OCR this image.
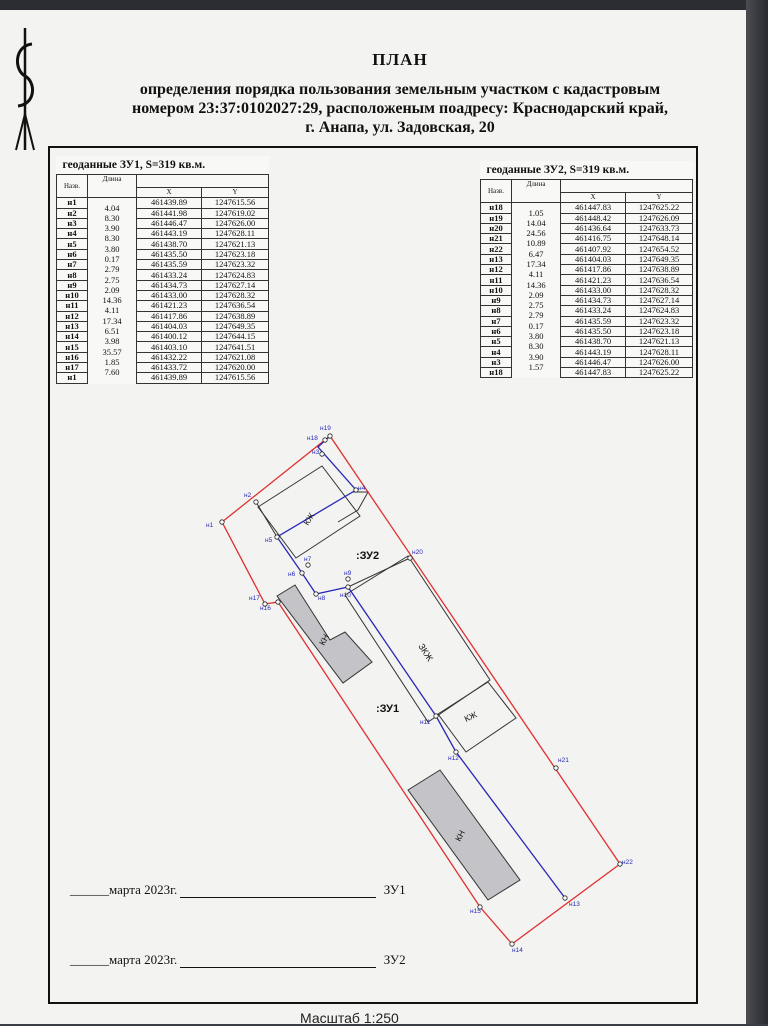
ПЛАН
определения порядка пользования земельным участком с кадастровым
номером 23:37:0102027:29, расположеным поадресу: Краснодарский край,
г. Анапа, ул. Задовская, 20
геоданные ЗУ1, S=319 кв.м.			
Назв.	Длина		
		X	Y
н1	4.04	461439.89	1247615.56
н2	8.30	461441.98	1247619.02
н3	3.90	461446.47	1247626.00
н4	8.30	461443.19	1247628.11
н5	3.80	461438.70	1247621.13
н6	0.17	461435.50	1247623.18
н7	2.79	461435.59	1247623.32
н8	2.75	461433.24	1247624.83
н9	2.09	461434.73	1247627.14
н10	14.36	461433.00	1247628.32
н11	4.11	461421.23	1247636.54
н12	17.34	461417.86	1247638.89
н13	6.51	461404.03	1247649.35
н14	3.98	461400.12	1247644.15
н15	35.57	461403.10	1247641.51
н16	1.85	461432.22	1247621.08
н17	7.60	461433.72	1247620.00
н1		461439.89	1247615.56
геоданные ЗУ2, S=319 кв.м.			
Назв.	Длина		
		X	Y
н18	1.05	461447.83	1247625.22
н19	14.04	461448.42	1247626.09
н20	24.56	461436.64	1247633.73
н21	10.89	461416.75	1247648.14
н22	6.47	461407.92	1247654.52
н13	17.34	461404.03	1247649.35
н12	4.11	461417.86	1247638.89
н11	14.36	461421.23	1247636.54
н10	2.09	461433.00	1247628.32
н9	2.75	461434.73	1247627.14
н8	2.79	461433.24	1247624.83
н7	0.17	461435.59	1247623.32
н6	3.80	461435.50	1247623.18
н5	8.30	461438.70	1247621.13
н4	3.90	461443.19	1247628.11
н3	1.57	461446.47	1247626.00
н18		461447.83	1247625.22
н1
н2
н3
н4
н5
н6
н7
н8
н9
н10
н11
н12
н13
н14
н15
н16
н17
н18
н19
н20
н21
н22
:ЗУ2
:ЗУ1
КЖ
ЗКЖ
КЖ
КН
КН
______марта 2023г.	ЗУ1
______марта 2023г.	ЗУ2
Масштаб 1:250
